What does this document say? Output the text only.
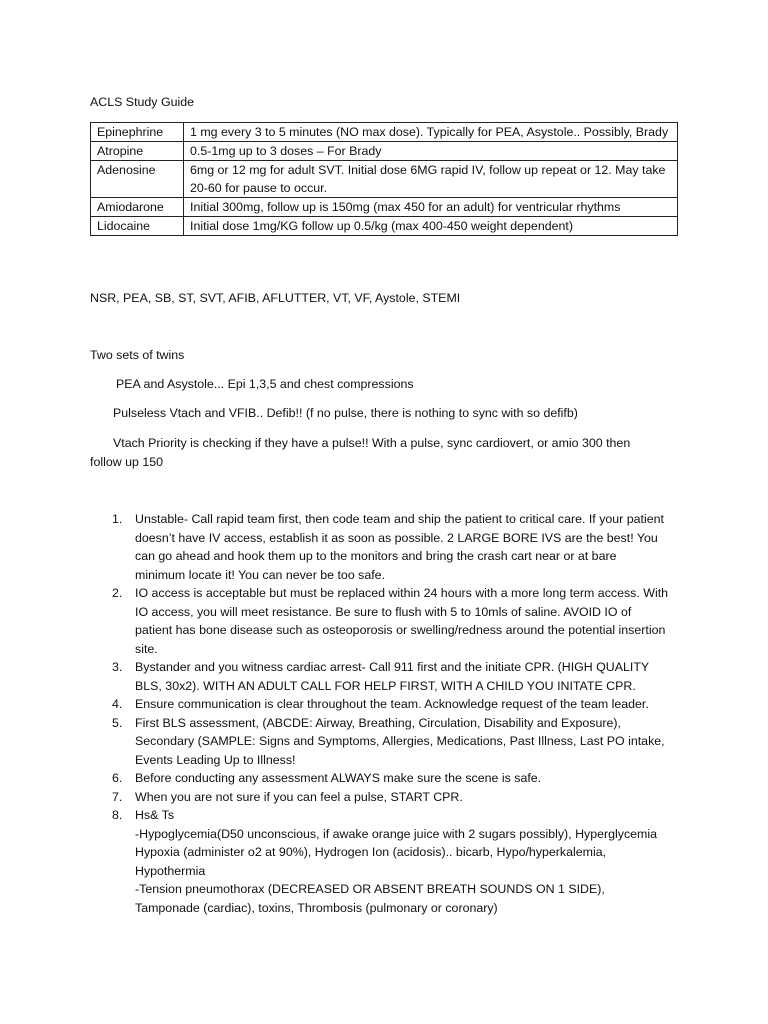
ACLS Study Guide

Epinephrine	1 mg every 3 to 5 minutes (NO max dose). Typically for PEA, Asystole.. Possibly, Brady
Atropine	0.5-1mg up to 3 doses – For Brady
Adenosine	6mg or 12 mg for adult SVT. Initial dose 6MG rapid IV, follow up repeat or 12. May take 20-60 for pause to occur.
Amiodarone	Initial 300mg, follow up is 150mg (max 450 for an adult) for ventricular rhythms
Lidocaine	Initial dose 1mg/KG follow up 0.5/kg (max 400-450 weight dependent)

NSR, PEA, SB, ST, SVT, AFIB, AFLUTTER, VT, VF, Aystole, STEMI

Two sets of twins

PEA and Asystole... Epi 1,3,5 and chest compressions

Pulseless Vtach and VFIB.. Defib!! (f no pulse, there is nothing to sync with so defifb)

Vtach Priority is checking if they have a pulse!! With a pulse, sync cardiovert, or amio 300 then follow up 150

1. Unstable- Call rapid team first, then code team and ship the patient to critical care. If your patient doesn’t have IV access, establish it as soon as possible. 2 LARGE BORE IVS are the best! You can go ahead and hook them up to the monitors and bring the crash cart near or at bare minimum locate it! You can never be too safe.
2. IO access is acceptable but must be replaced within 24 hours with a more long term access. With IO access, you will meet resistance. Be sure to flush with 5 to 10mls of saline. AVOID IO of patient has bone disease such as osteoporosis or swelling/redness around the potential insertion site.
3. Bystander and you witness cardiac arrest- Call 911 first and the initiate CPR. (HIGH QUALITY BLS, 30x2). WITH AN ADULT CALL FOR HELP FIRST, WITH A CHILD YOU INITATE CPR.
4. Ensure communication is clear throughout the team. Acknowledge request of the team leader.
5. First BLS assessment, (ABCDE: Airway, Breathing, Circulation, Disability and Exposure), Secondary (SAMPLE: Signs and Symptoms, Allergies, Medications, Past Illness, Last PO intake, Events Leading Up to Illness!
6. Before conducting any assessment ALWAYS make sure the scene is safe.
7. When you are not sure if you can feel a pulse, START CPR.
8. Hs& Ts
-Hypoglycemia(D50 unconscious, if awake orange juice with 2 sugars possibly), Hyperglycemia Hypoxia (administer o2 at 90%), Hydrogen Ion (acidosis).. bicarb, Hypo/hyperkalemia, Hypothermia
-Tension pneumothorax (DECREASED OR ABSENT BREATH SOUNDS ON 1 SIDE), Tamponade (cardiac), toxins, Thrombosis (pulmonary or coronary)
